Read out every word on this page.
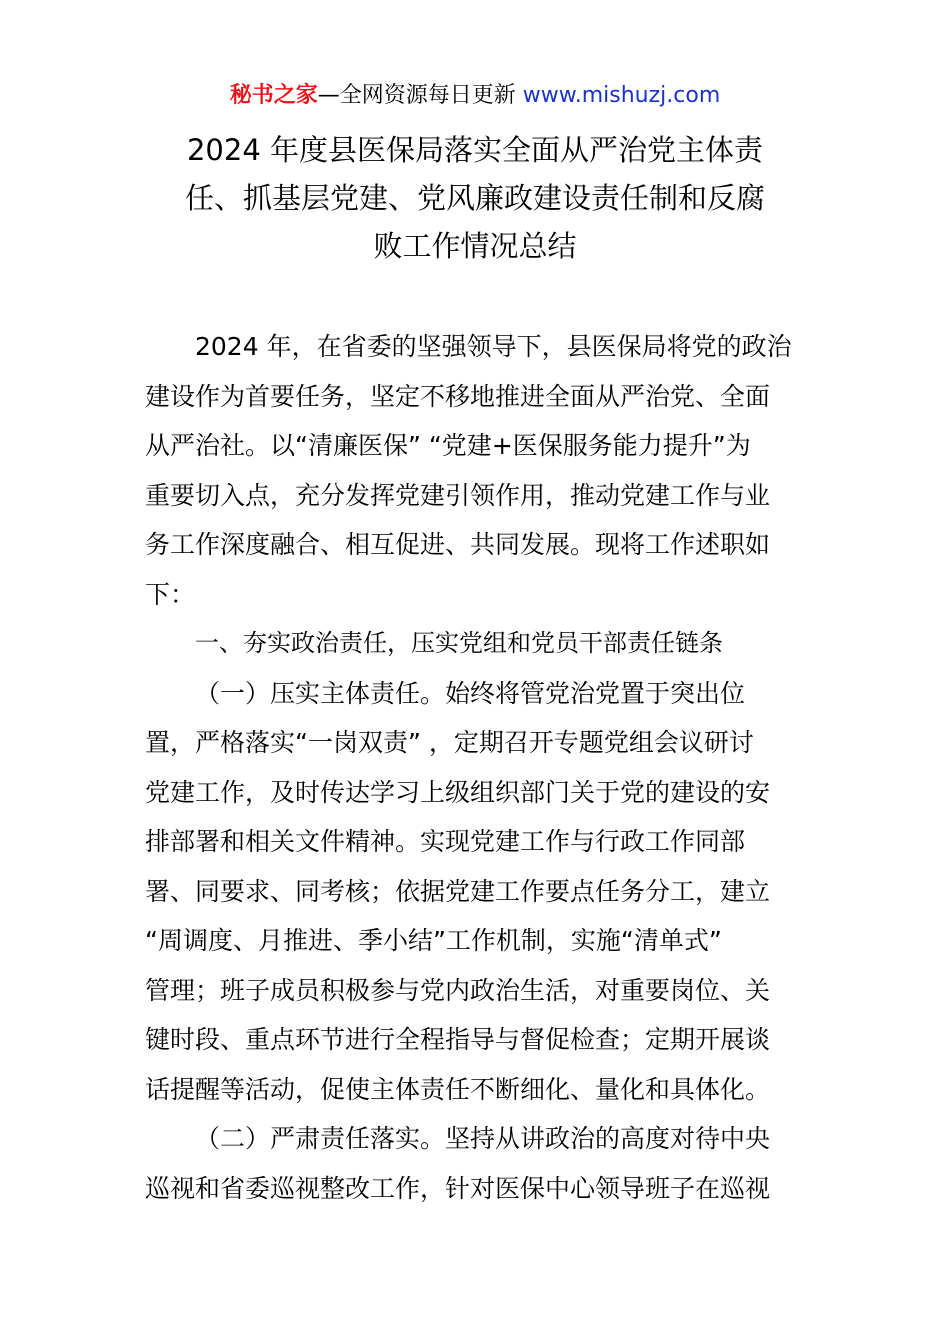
秘书之家—全网资源每日更新 www.mishuzj.com
2024 年度县医保局落实全面从严治党主体责
任、抓基层党建、党风廉政建设责任制和反腐
败工作情况总结
2024 年，在省委的坚强领导下，县医保局将党的政治
建设作为首要任务，坚定不移地推进全面从严治党、全面
从严治社。以“清廉医保” “党建+医保服务能力提升”为
重要切入点，充分发挥党建引领作用，推动党建工作与业
务工作深度融合、相互促进、共同发展。现将工作述职如
下：
一、夯实政治责任，压实党组和党员干部责任链条
（一）压实主体责任。始终将管党治党置于突出位
置，严格落实“一岗双责” ，定期召开专题党组会议研讨
党建工作，及时传达学习上级组织部门关于党的建设的安
排部署和相关文件精神。实现党建工作与行政工作同部
署、同要求、同考核；依据党建工作要点任务分工，建立
“周调度、月推进、季小结”工作机制，实施“清单式”
管理；班子成员积极参与党内政治生活，对重要岗位、关
键时段、重点环节进行全程指导与督促检查；定期开展谈
话提醒等活动，促使主体责任不断细化、量化和具体化。
（二）严肃责任落实。坚持从讲政治的高度对待中央
巡视和省委巡视整改工作，针对医保中心领导班子在巡视
